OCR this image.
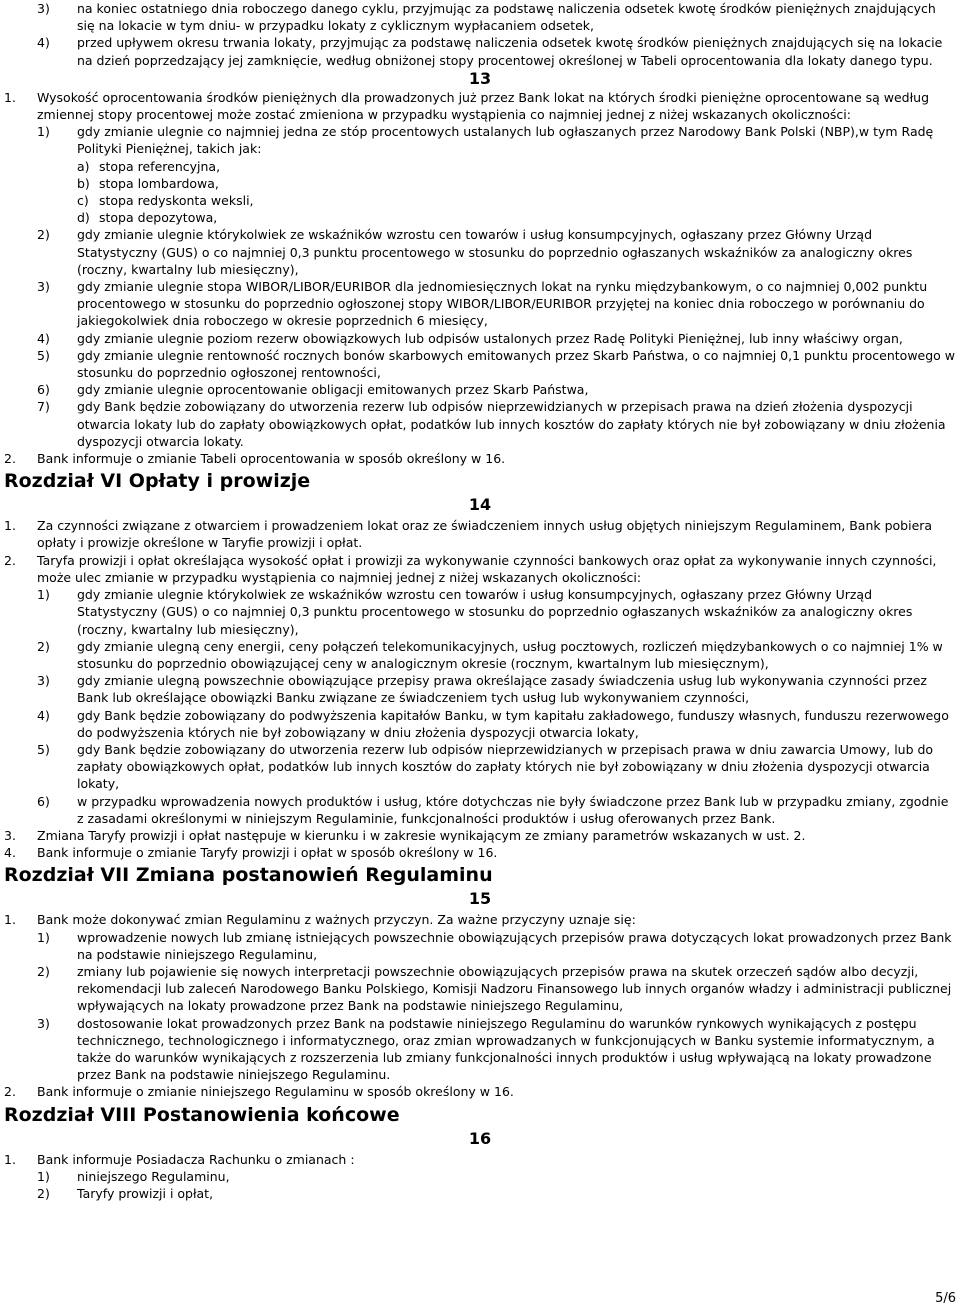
3) na koniec ostatniego dnia roboczego danego cyklu, przyjmując za podstawę naliczenia odsetek kwotę środków pieniężnych znajdujących się na lokacie w tym dniu- w przypadku lokaty z cyklicznym wypłacaniem odsetek,
4) przed upływem okresu trwania lokaty, przyjmując za podstawę naliczenia odsetek kwotę środków pieniężnych znajdujących się na lokacie na dzień poprzedzający jej zamknięcie, według obniżonej stopy procentowej określonej w Tabeli oprocentowania dla lokaty danego typu.
13
1. Wysokość oprocentowania środków pieniężnych dla prowadzonych już przez Bank lokat na których środki pieniężne oprocentowane są według zmiennej stopy procentowej może zostać zmieniona w przypadku wystąpienia co najmniej jednej z niżej wskazanych okoliczności:
1) gdy zmianie ulegnie co najmniej jedna ze stóp procentowych ustalanych lub ogłaszanych przez Narodowy Bank Polski (NBP),w tym Radę Polityki Pieniężnej, takich jak:
a) stopa referencyjna,
b) stopa lombardowa,
c) stopa redyskonta weksli,
d) stopa depozytowa,
2) gdy zmianie ulegnie którykolwiek ze wskaźników wzrostu cen towarów i usług konsumpcyjnych, ogłaszany przez Główny Urząd Statystyczny (GUS) o co najmniej 0,3 punktu procentowego w stosunku do poprzednio ogłaszanych wskaźników za analogiczny okres (roczny, kwartalny lub miesięczny),
3) gdy zmianie ulegnie stopa WIBOR/LIBOR/EURIBOR dla jednomiesięcznych lokat na rynku międzybankowym, o co najmniej 0,002 punktu procentowego w stosunku do poprzednio ogłoszonej stopy WIBOR/LIBOR/EURIBOR przyjętej na koniec dnia roboczego w porównaniu do jakiegokolwiek dnia roboczego w okresie poprzednich 6 miesięcy,
4) gdy zmianie ulegnie poziom rezerw obowiązkowych lub odpisów ustalonych przez Radę Polityki Pieniężnej, lub inny właściwy organ,
5) gdy zmianie ulegnie rentowność rocznych bonów skarbowych emitowanych przez Skarb Państwa, o co najmniej 0,1 punktu procentowego w stosunku do poprzednio ogłoszonej rentowności,
6) gdy zmianie ulegnie oprocentowanie obligacji emitowanych przez Skarb Państwa,
7) gdy Bank będzie zobowiązany do utworzenia rezerw lub odpisów nieprzewidzianych w przepisach prawa na dzień złożenia dyspozycji otwarcia lokaty lub do zapłaty obowiązkowych opłat, podatków lub innych kosztów do zapłaty których nie był zobowiązany w dniu złożenia dyspozycji otwarcia lokaty.
2. Bank informuje o zmianie Tabeli oprocentowania w sposób określony w 16.
Rozdział VI Opłaty i prowizje
14
1. Za czynności związane z otwarciem i prowadzeniem lokat oraz ze świadczeniem innych usług objętych niniejszym Regulaminem, Bank pobiera opłaty i prowizje określone w Taryfie prowizji i opłat.
2. Taryfa prowizji i opłat określająca wysokość opłat i prowizji za wykonywanie czynności bankowych oraz opłat za wykonywanie innych czynności, może ulec zmianie w przypadku wystąpienia co najmniej jednej z niżej wskazanych okoliczności:
1) gdy zmianie ulegnie którykolwiek ze wskaźników wzrostu cen towarów i usług konsumpcyjnych, ogłaszany przez Główny Urząd Statystyczny (GUS) o co najmniej 0,3 punktu procentowego w stosunku do poprzednio ogłaszanych wskaźników za analogiczny okres (roczny, kwartalny lub miesięczny),
2) gdy zmianie ulegną ceny energii, ceny połączeń telekomunikacyjnych, usług pocztowych, rozliczeń międzybankowych o co najmniej 1% w stosunku do poprzednio obowiązującej ceny w analogicznym okresie (rocznym, kwartalnym lub miesięcznym),
3) gdy zmianie ulegną powszechnie obowiązujące przepisy prawa określające zasady świadczenia usług lub wykonywania czynności przez Bank lub określające obowiązki Banku związane ze świadczeniem tych usług lub wykonywaniem czynności,
4) gdy Bank będzie zobowiązany do podwyższenia kapitałów Banku, w tym kapitału zakładowego, funduszy własnych, funduszu rezerwowego do podwyższenia których nie był zobowiązany w dniu złożenia dyspozycji otwarcia lokaty,
5) gdy Bank będzie zobowiązany do utworzenia rezerw lub odpisów nieprzewidzianych w przepisach prawa w dniu zawarcia Umowy, lub do zapłaty obowiązkowych opłat, podatków lub innych kosztów do zapłaty których nie był zobowiązany w dniu złożenia dyspozycji otwarcia lokaty,
6) w przypadku wprowadzenia nowych produktów i usług, które dotychczas nie były świadczone przez Bank lub w przypadku zmiany, zgodnie z zasadami określonymi w niniejszym Regulaminie, funkcjonalności produktów i usług oferowanych przez Bank.
3. Zmiana Taryfy prowizji i opłat następuje w kierunku i w zakresie wynikającym ze zmiany parametrów wskazanych w ust. 2.
4. Bank informuje o zmianie Taryfy prowizji i opłat w sposób określony w 16.
Rozdział VII Zmiana postanowień Regulaminu
15
1. Bank może dokonywać zmian Regulaminu z ważnych przyczyn. Za ważne przyczyny uznaje się:
1) wprowadzenie nowych lub zmianę istniejących powszechnie obowiązujących przepisów prawa dotyczących lokat prowadzonych przez Bank na podstawie niniejszego Regulaminu,
2) zmiany lub pojawienie się nowych interpretacji powszechnie obowiązujących przepisów prawa na skutek orzeczeń sądów albo decyzji, rekomendacji lub zaleceń Narodowego Banku Polskiego, Komisji Nadzoru Finansowego lub innych organów władzy i administracji publicznej wpływających na lokaty prowadzone przez Bank na podstawie niniejszego Regulaminu,
3) dostosowanie lokat prowadzonych przez Bank na podstawie niniejszego Regulaminu do warunków rynkowych wynikających z postępu technicznego, technologicznego i informatycznego, oraz zmian wprowadzanych w funkcjonujących w Banku systemie informatycznym, a także do warunków wynikających z rozszerzenia lub zmiany funkcjonalności innych produktów i usług wpływającą na lokaty prowadzone przez Bank na podstawie niniejszego Regulaminu.
2. Bank informuje o zmianie niniejszego Regulaminu w sposób określony w 16.
Rozdział VIII Postanowienia końcowe
16
1. Bank informuje Posiadacza Rachunku o zmianach :
1) niniejszego Regulaminu,
2) Taryfy prowizji i opłat,
5/6
